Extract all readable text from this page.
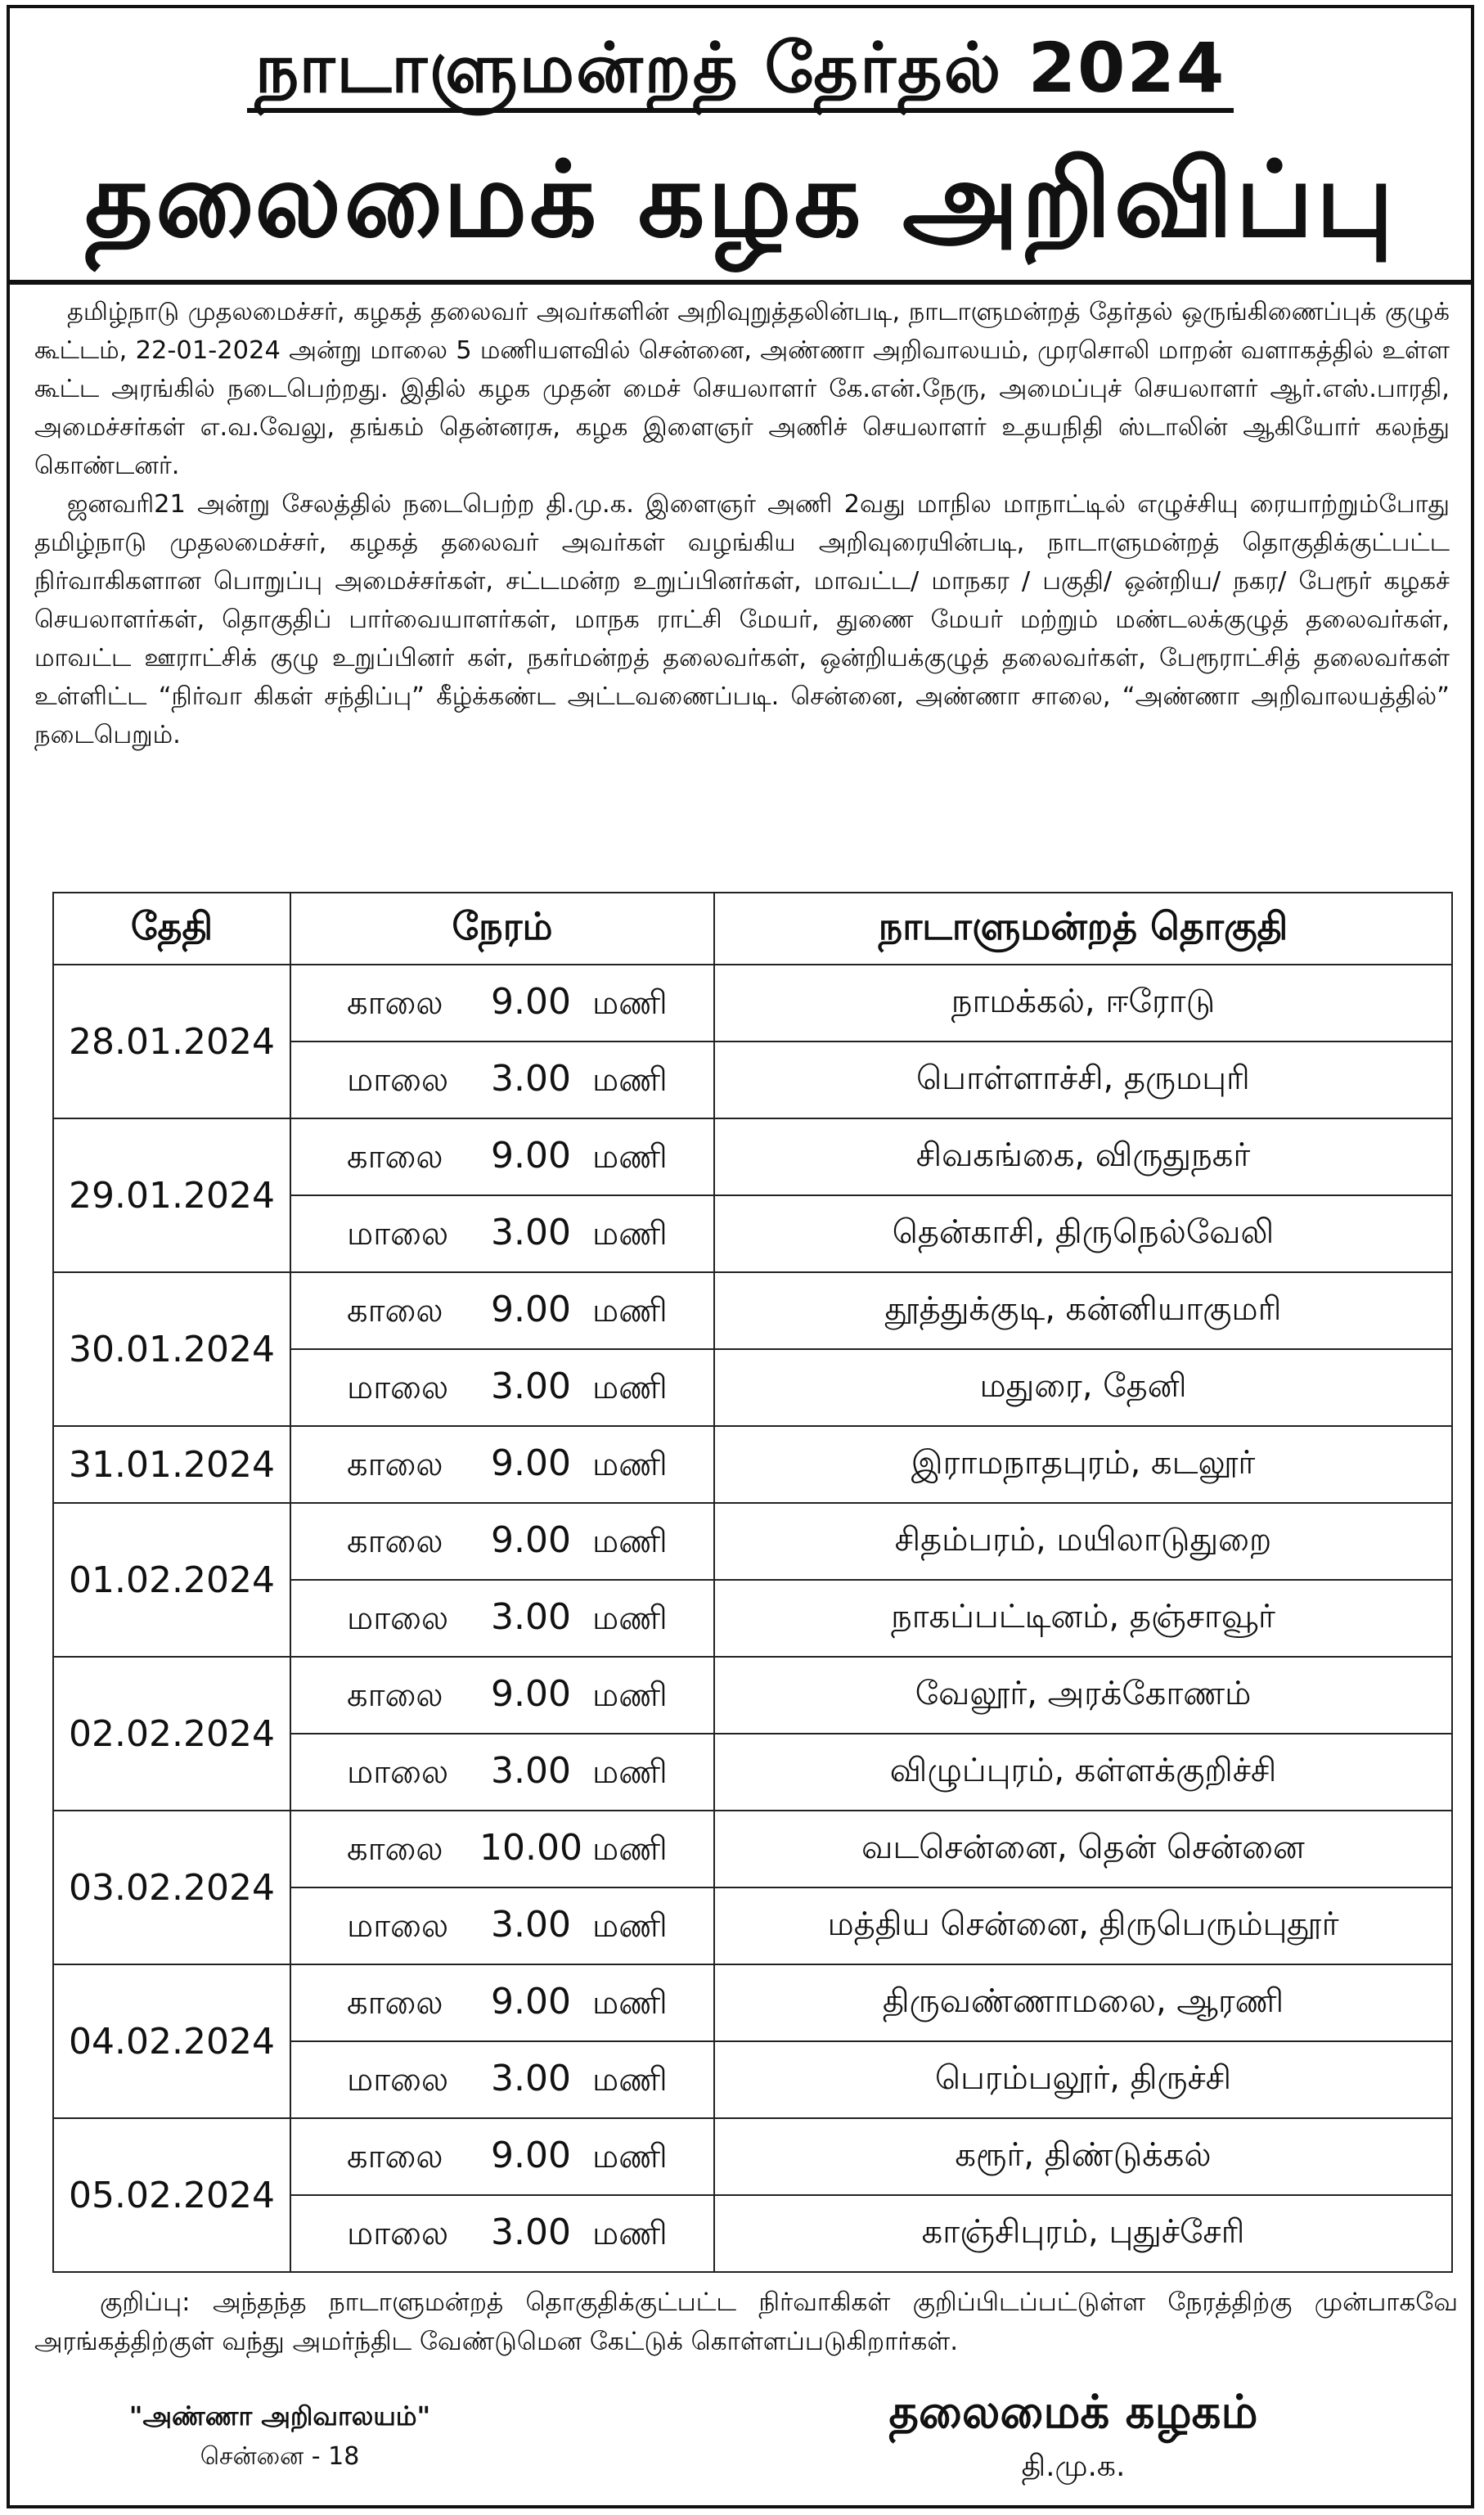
நாடாளுமன்றத் தேர்தல் 2024
தலைமைக் கழக அறிவிப்பு

தமிழ்நாடு முதலமைச்சர், கழகத் தலைவர் அவர்களின் அறிவுறுத்தலின்படி, நாடாளுமன்றத் தேர்தல் ஒருங்கிணைப்புக் குழுக் கூட்டம், 22-01-2024 அன்று மாலை 5 மணியளவில் சென்னை, அண்ணா அறிவாலயம், முரசொலி மாறன் வளாகத்தில் உள்ள கூட்ட அரங்கில் நடைபெற்றது. இதில் கழக முதன் மைச் செயலாளர் கே.என்.நேரு, அமைப்புச் செயலாளர் ஆர்.எஸ்.பாரதி, அமைச்சர்கள் எ.வ.வேலு, தங்கம் தென்னரசு, கழக இளைஞர் அணிச் செயலாளர் உதயநிதி ஸ்டாலின் ஆகியோர் கலந்து கொண்டனர்.

ஜனவரி21 அன்று சேலத்தில் நடைபெற்ற தி.மு.க. இளைஞர் அணி 2வது மாநில மாநாட்டில் எழுச்சியு ரையாற்றும்போது தமிழ்நாடு முதலமைச்சர், கழகத் தலைவர் அவர்கள் வழங்கிய அறிவுரையின்படி, நாடாளுமன்றத் தொகுதிக்குட்பட்ட நிர்வாகிகளான பொறுப்பு அமைச்சர்கள், சட்டமன்ற உறுப்பினர்கள், மாவட்ட/ மாநகர / பகுதி/ ஒன்றிய/ நகர/ பேரூர் கழகச் செயலாளர்கள், தொகுதிப் பார்வையாளர்கள், மாநக ராட்சி மேயர், துணை மேயர் மற்றும் மண்டலக்குழுத் தலைவர்கள், மாவட்ட ஊராட்சிக் குழு உறுப்பினர் கள், நகர்மன்றத் தலைவர்கள், ஒன்றியக்குழுத் தலைவர்கள், பேரூராட்சித் தலைவர்கள் உள்ளிட்ட “நிர்வா கிகள் சந்திப்பு” கீழ்க்கண்ட அட்டவணைப்படி. சென்னை, அண்ணா சாலை, “அண்ணா அறிவாலயத்தில்” நடைபெறும்.

தேதி	நேரம்	நாடாளுமன்றத் தொகுதி
28.01.2024	காலை 9.00 மணி	நாமக்கல், ஈரோடு
	மாலை 3.00 மணி	பொள்ளாச்சி, தருமபுரி
29.01.2024	காலை 9.00 மணி	சிவகங்கை, விருதுநகர்
	மாலை 3.00 மணி	தென்காசி, திருநெல்வேலி
30.01.2024	காலை 9.00 மணி	தூத்துக்குடி, கன்னியாகுமரி
	மாலை 3.00 மணி	மதுரை, தேனி
31.01.2024	காலை 9.00 மணி	இராமநாதபுரம், கடலூர்
01.02.2024	காலை 9.00 மணி	சிதம்பரம், மயிலாடுதுறை
	மாலை 3.00 மணி	நாகப்பட்டினம், தஞ்சாவூர்
02.02.2024	காலை 9.00 மணி	வேலூர், அரக்கோணம்
	மாலை 3.00 மணி	விழுப்புரம், கள்ளக்குறிச்சி
03.02.2024	காலை 10.00 மணி	வடசென்னை, தென் சென்னை
	மாலை 3.00 மணி	மத்திய சென்னை, திருபெரும்புதூர்
04.02.2024	காலை 9.00 மணி	திருவண்ணாமலை, ஆரணி
	மாலை 3.00 மணி	பெரம்பலூர், திருச்சி
05.02.2024	காலை 9.00 மணி	கரூர், திண்டுக்கல்
	மாலை 3.00 மணி	காஞ்சிபுரம், புதுச்சேரி

குறிப்பு: அந்தந்த நாடாளுமன்றத் தொகுதிக்குட்பட்ட நிர்வாகிகள் குறிப்பிடப்பட்டுள்ள நேரத்திற்கு முன்பாகவே அரங்கத்திற்குள் வந்து அமர்ந்திட வேண்டுமென கேட்டுக் கொள்ளப்படுகிறார்கள்.

"அண்ணா அறிவாலயம்"
சென்னை - 18
தலைமைக் கழகம்
தி.மு.க.
